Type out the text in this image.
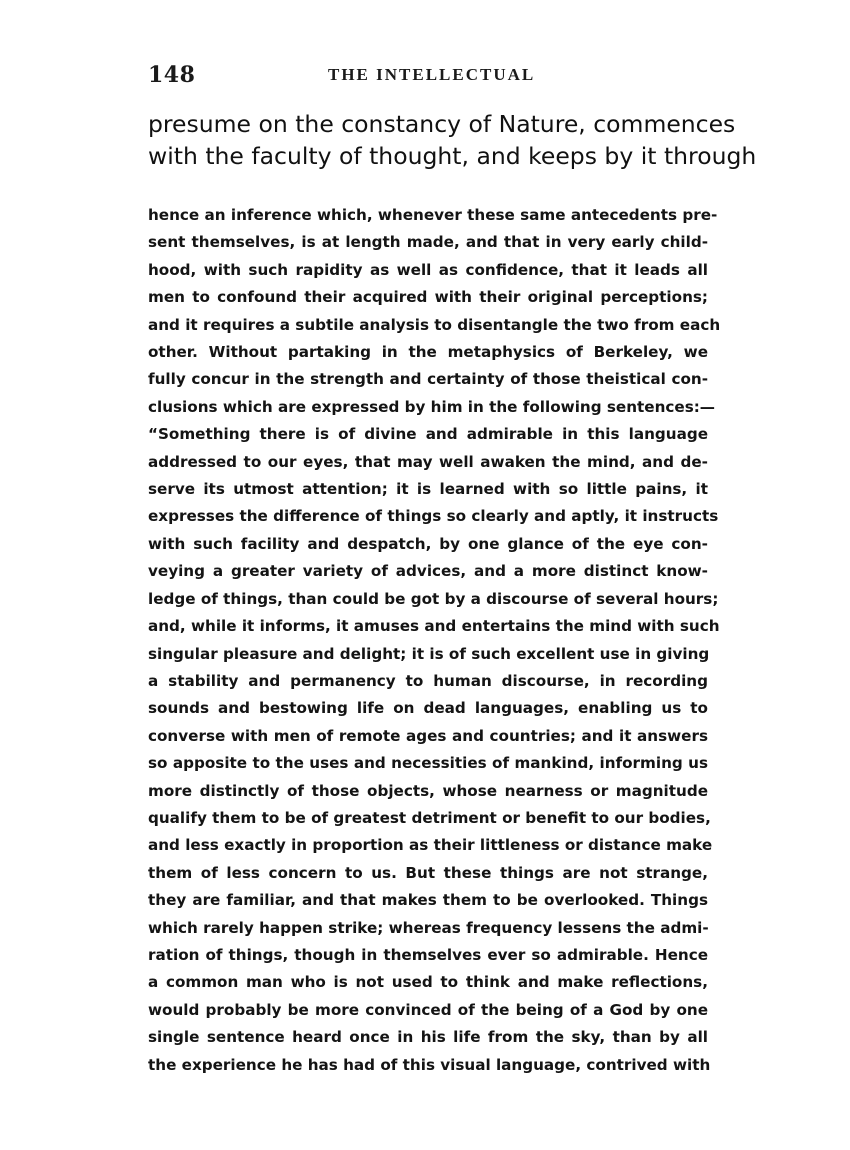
148	THE INTELLECTUAL
presume on the constancy of Nature, commences
with the faculty of thought, and keeps by it through
hence an inference which, whenever these same antecedents pre-
sent themselves, is at length made, and that in very early child-
hood, with such rapidity as well as confidence, that it leads all
men to confound their acquired with their original perceptions;
and it requires a subtile analysis to disentangle the two from each
other. Without partaking in the metaphysics of Berkeley, we
fully concur in the strength and certainty of those theistical con-
clusions which are expressed by him in the following sentences:—
“Something there is of divine and admirable in this language
addressed to our eyes, that may well awaken the mind, and de-
serve its utmost attention; it is learned with so little pains, it
expresses the difference of things so clearly and aptly, it instructs
with such facility and despatch, by one glance of the eye con-
veying a greater variety of advices, and a more distinct know-
ledge of things, than could be got by a discourse of several hours;
and, while it informs, it amuses and entertains the mind with such
singular pleasure and delight; it is of such excellent use in giving
a stability and permanency to human discourse, in recording
sounds and bestowing life on dead languages, enabling us to
converse with men of remote ages and countries; and it answers
so apposite to the uses and necessities of mankind, informing us
more distinctly of those objects, whose nearness or magnitude
qualify them to be of greatest detriment or benefit to our bodies,
and less exactly in proportion as their littleness or distance make
them of less concern to us. But these things are not strange,
they are familiar, and that makes them to be overlooked. Things
which rarely happen strike; whereas frequency lessens the admi-
ration of things, though in themselves ever so admirable. Hence
a common man who is not used to think and make reflections,
would probably be more convinced of the being of a God by one
single sentence heard once in his life from the sky, than by all
the experience he has had of this visual language, contrived with
